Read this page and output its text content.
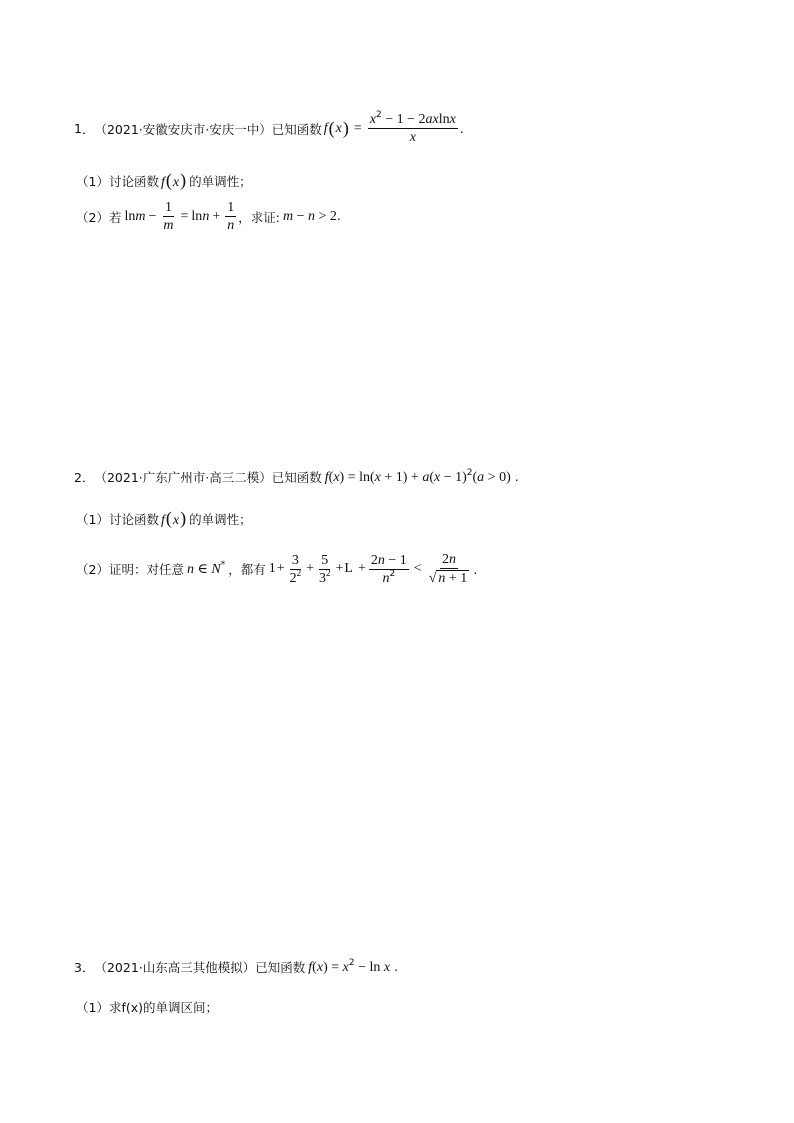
1 ． （2021·安徽安庆市·安庆一中） 已知函数 f ( x ) = $\frac{x^2 - 1 - 2axlnx}{x}$ .
（1） 讨论函数 f(x) 的单调性；
（2） 若 $\ln m - \frac{1}{m} = \ln n + \frac{1}{n}$ ，求证: m − n > 2.
2 ． （2021·广东广州市·高三二模） 已知函数 $f(x) = \ln(x + 1) + a(x - 1)^2(a > 0)$ .
（1） 讨论函数 f(x) 的单调性；
（2） 证明：对任意 n ∈ N* ，都有 $1 + \frac{3}{2^2} + \frac{5}{3^2} + L + \frac{2n - 1}{n^2} < \frac{2n}{√ n + 1}$ .
3 ． （2021·山东高三其他模拟） 已知函数 $f(x) = x^2 - \ln x$ .
（1） 求f(x)的单调区间；
